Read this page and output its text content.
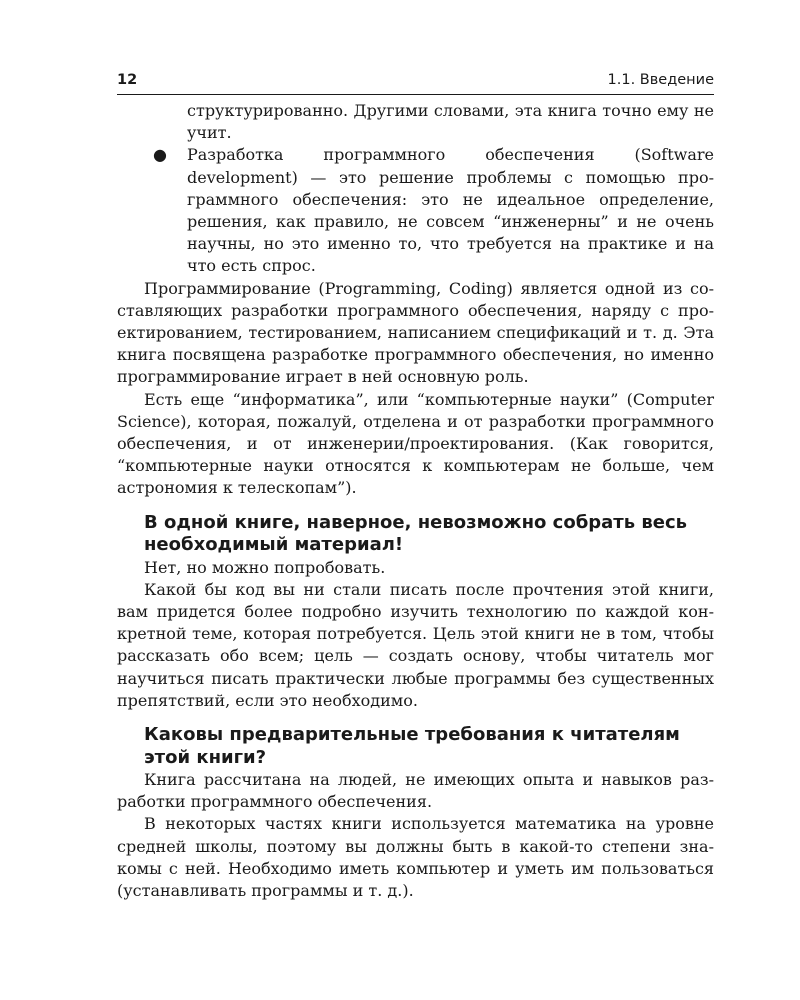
12	1.1. Введение

структурированно. Другими словами, эта книга точно ему не учит.

● Разработка программного обеспечения (Software development) — это решение проблемы с помощью программного обеспечения: это не идеальное определение, решения, как правило, не совсем “инженерны” и не очень научны, но это именно то, что требуется на практике и на что есть спрос.

Программирование (Programming, Coding) является одной из составляющих разработки программного обеспечения, наряду с проектированием, тестированием, написанием спецификаций и т. д. Эта книга посвящена разработке программного обеспечения, но именно программирование играет в ней основную роль.

Есть еще “информатика”, или “компьютерные науки” (Computer Science), которая, пожалуй, отделена и от разработки программного обеспечения, и от инженерии/проектирования. (Как говорится, “компьютерные науки относятся к компьютерам не больше, чем астрономия к телескопам”).

В одной книге, наверное, невозможно собрать весь необходимый материал!

Нет, но можно попробовать.

Какой бы код вы ни стали писать после прочтения этой книги, вам придется более подробно изучить технологию по каждой конкретной теме, которая потребуется. Цель этой книги не в том, чтобы рассказать обо всем; цель — создать основу, чтобы читатель мог научиться писать практически любые программы без существенных препятствий, если это необходимо.

Каковы предварительные требования к читателям этой книги?

Книга рассчитана на людей, не имеющих опыта и навыков разработки программного обеспечения.

В некоторых частях книги используется математика на уровне средней школы, поэтому вы должны быть в какой-то степени знакомы с ней. Необходимо иметь компьютер и уметь им пользоваться (устанавливать программы и т. д.).
